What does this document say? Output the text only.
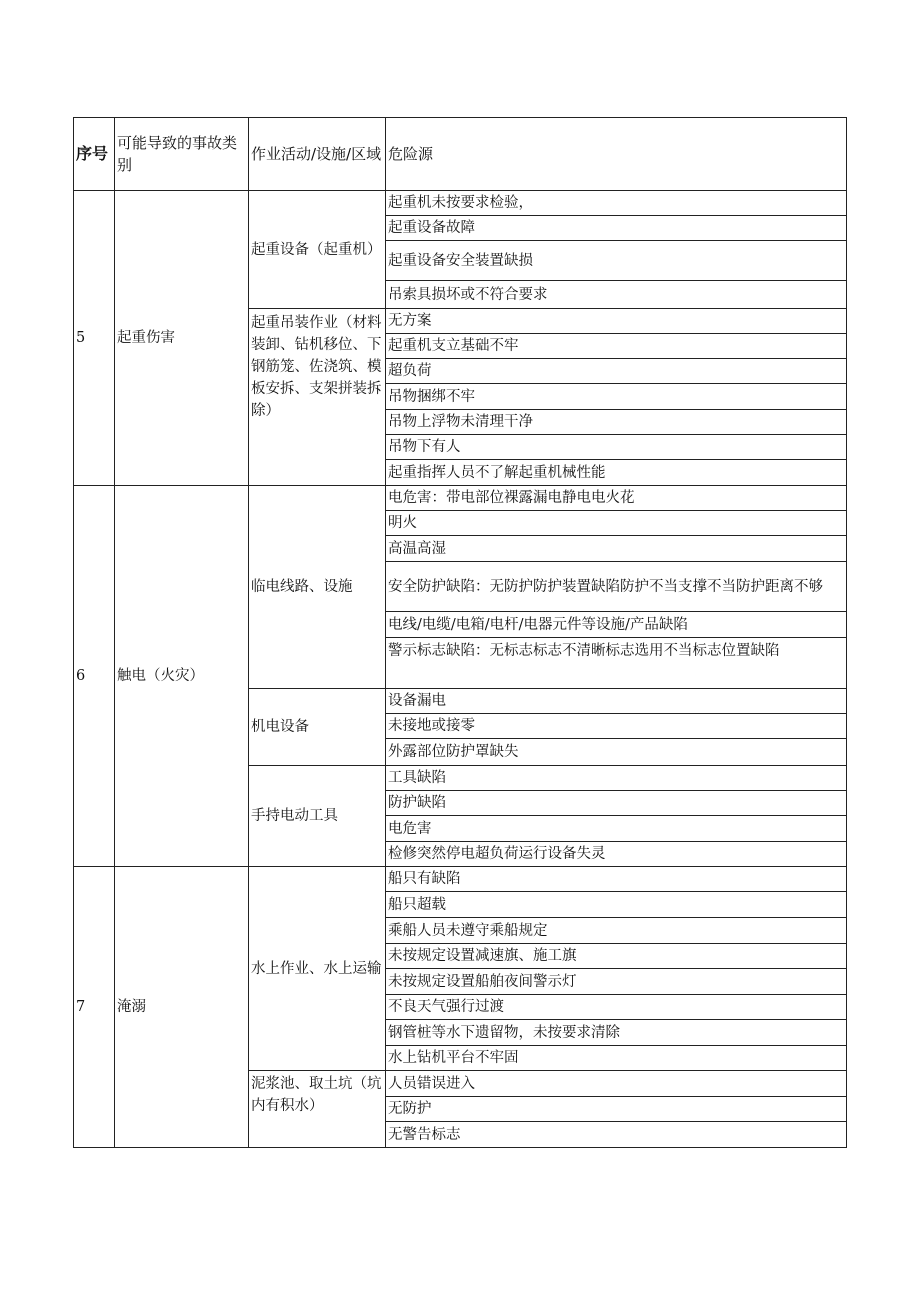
序号	可能导致的事故类别	作业活动/设施/区域	危险源
5	起重伤害	起重设备（起重机）	起重机未按要求检验，
			起重设备故障
			起重设备安全装置缺损
			吊索具损坏或不符合要求
		起重吊装作业（材料装卸、钻机移位、下钢筋笼、佐浇筑、模板安拆、支架拼装拆除）	无方案
			起重机支立基础不牢
			超负荷
			吊物捆绑不牢
			吊物上浮物未清理干净
			吊物下有人
			起重指挥人员不了解起重机械性能
6	触电（火灾）	临电线路、设施	电危害：带电部位裸露漏电静电电火花
			明火
			高温高湿
			安全防护缺陷：无防护防护装置缺陷防护不当支撑不当防护距离不够
			电线/电缆/电箱/电杆/电器元件等设施/产品缺陷
			警示标志缺陷：无标志标志不清晰标志选用不当标志位置缺陷
		机电设备	设备漏电
			未接地或接零
			外露部位防护罩缺失
		手持电动工具	工具缺陷
			防护缺陷
			电危害
			检修突然停电超负荷运行设备失灵
7	淹溺	水上作业、水上运输	船只有缺陷
			船只超载
			乘船人员未遵守乘船规定
			未按规定设置减速旗、施工旗
			未按规定设置船舶夜间警示灯
			不良天气强行过渡
			钢管桩等水下遗留物，未按要求清除
			水上钻机平台不牢固
		泥浆池、取土坑（坑内有积水）	人员错误进入
			无防护
			无警告标志
